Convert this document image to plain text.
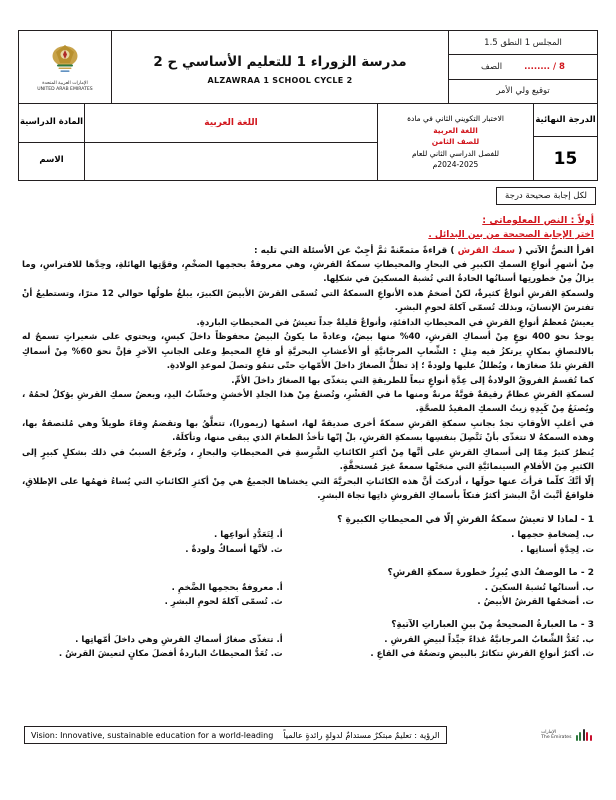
المجلس 1 النطق 1.5
8 / ........
الصف
توقيع ولي الأمر
مدرسة الزوراء 1 للتعليم الأساسي ح 2
ALZAWRAA 1 SCHOOL CYCLE 2
الإمارات العربية المتحدة
UNITED ARAB EMIRATES
الدرجة النهائية
15
الاختبار التكويني الثاني في مادة
اللغة العربية
للصف الثامن
للفصل الدراسي الثاني للعام
2024-2025م
اللغة العربية
المادة الدراسية
الاسم
لكل إجابة صحيحة درجة
أولاً : النص المعلوماتي :
اختر الإجابة الصحيحة من بين البدائل .
اقرأ النصُّ الآتي ( سمك القرش ) قراءةً متمعّنةً ثمَّ أجِبْ عن الأسئلة التي تليه :

مِنْ أشهرِ أنواعِ السمكِ الكبيرِ في البحارِ والمحيطاتِ سمكةُ القرشِ، وهي معروفةٌ بحجمِها الضخْمِ، وقوَّتِها الهائلةِ، وحِدَّها للافتراسِ، وما يزالُ مِنْ خطورتِها أسنانُها الحادةُ التي تُشبهُ المسكينَ في شكلِها.

ولسمكةِ القرشِ أنواعٌ كثيرةٌ، لكنْ أضخمُ هذه الأنواعِ السمكةُ التي تُسمّى القرشَ الأبيضَ الكبيرَ، يبلغُ طولُها حوالي 12 مترًا، وتستطيعُ أنْ تفترسَ الإنسانَ، وبذلك تُسمّى آكلةَ لحومِ البشرِ.

يعيشُ مُعظمُ أنواعِ القرشِ في المحيطاتِ الدافئةِ، وأنواعٌ قليلةٌ جداً تعيشُ في المحيطاتِ الباردةِ.

يوجدُ نحوَ 400 نوعٍ مِنْ أسماكِ القرشِ، 40% منها بيضٌ، وعادةً ما يكونُ البيضُ محفوظاً داخلَ كيسٍ، ويحتوي على شعيراتٍ تسمحُ له بالالتصاقِ بمكانٍ يرتكزُ فيه مِثلِ : الشِّعابِ المرجانيَّةِ أو الأعشابِ البحريَّةِ أو قاعِ المحيطِ وعلى الجانبِ الآخرِ فإنَّ نحوَ 60% مِنْ أسماكِ القرشِ تلدُ صغارَها ، ويُظللُ عليها ولودةً ؛ إذ تظلُّ الصغارُ داخلَ الأمّهاتِ حتّى تنمُوَ وتصلَ لموعدِ الولادةِ.

كما تُقسمُ الفروقُ الولادةُ إلى عِدَّةِ أنواعٍ تبعاً للطريقةِ التي يتغذّى بها الصغارُ داخلَ الأمِّ.

لسمكةِ القرشِ عظامٌ رقيقةٌ قويَّةٌ مرنةٌ ومنها ما في القشْرِ، وتُصنعُ مِنْ هذا الجلدِ الأخشنِ وخشّابُ اليدِ، وبعضُ سمكِ القرشِ يؤكلُ لحمُهُ ، ويُصنَعُ مِنْ كَبِدِهِ زيتُ السمكِ المفيدُ للصحَّةِ.

في أغلبِ الأوقاتِ تجدُ بجانبِ سمكةِ القرشِ سمكةً أخرى صديقةً لها، اسمُها (ريمورا)، تتعلَّقُ بها وتقضمُ وِقاءَ طويلاً وهي مُلتصقةٌ بها، وهذه السمكةُ لا تتغذّى بأنْ تَتَّصِلَ بنفسِها بسمكةِ القرشِ، بلْ إنّها تأخذُ الطعامَ الذي يبقى منها، وتأكلَهُ.

يُنظرُ كثيرٌ مِمّا إلى أسماكِ القرشِ على أنَّها مِنْ أكثرِ الكائناتِ الشَّرِسةِ في المحيطاتِ والبحارِ ، ويُرجَعُ السببُ في ذلك بشكلٍ كبيرٍ إلى الكثيرِ مِنَ الأفلامِ السينمائيَّةِ التي منحَتْها سمعةً غيرَ مُستحقَّةٍ.

إلّا أنَّكَ كلّما قرأتَ عنها حولَها ، أدركتَ أنَّ هذه الكائناتِ البحريَّةَ التي يخشاها الجميعُ هي مِنْ أكثرِ الكائناتِ التي يُساءُ فهمُها على الإطلاقِ، فلواقعُ أنَّبتَ أنَّ البشرَ أكثرُ فتكاً بأسماكِ القروشِ ذاتِها تجاهَ البشرِ.

1 - لماذا لا تعيشُ سمكةُ القرشِ إلّا في المحيطاتِ الكبيرةِ ؟
ب. لِضخامةِ حجمِها .
ت. لِحِدَّةِ أسنانِها .
أ. لِتَعَدُّدِ أنواعِها .
ث. لأنَّها أسماكٌ ولودةٌ .
2 - ما الوصفُ الذي يُبرِزُ خطورةَ سمكةِ القرشِ؟
ب. أسنانُها تُشبهُ السكينَ .
ت. أضخمُها القرشُ الأبيضُ .
أ. معروفةٌ بحجمِها الضَّخمِ .
ث. تُسمّى آكلةَ لحومِ البشرِ .
3 - ما العبارةُ الصحيحةُ مِنْ بينِ العباراتِ الآتيةِ؟
ب. تُعَدُّ الشِّعابُ المرجانيَّةُ غذاءً جيِّداً لبيضِ القرشِ .
ث. أكثرُ أنواعِ القرشِ تتكاثرُ بالبيضِ وتضعُهُ في القاعِ .
أ. تتغذّى صغارُ أسماكِ القرشِ وهي داخلَ أمّهاتِها .
ت. تُعَدُّ المحيطاتُ الباردةُ أفضلَ مكانٍ لتعيشَ القرشُ .
الرؤية : تعليمٌ مبتكرٌ مستدامٌ لدولةٍ رائدةٍ عالمياً
Vision: Innovative, sustainable education for a world-leading	الإمارات
The Emirates
